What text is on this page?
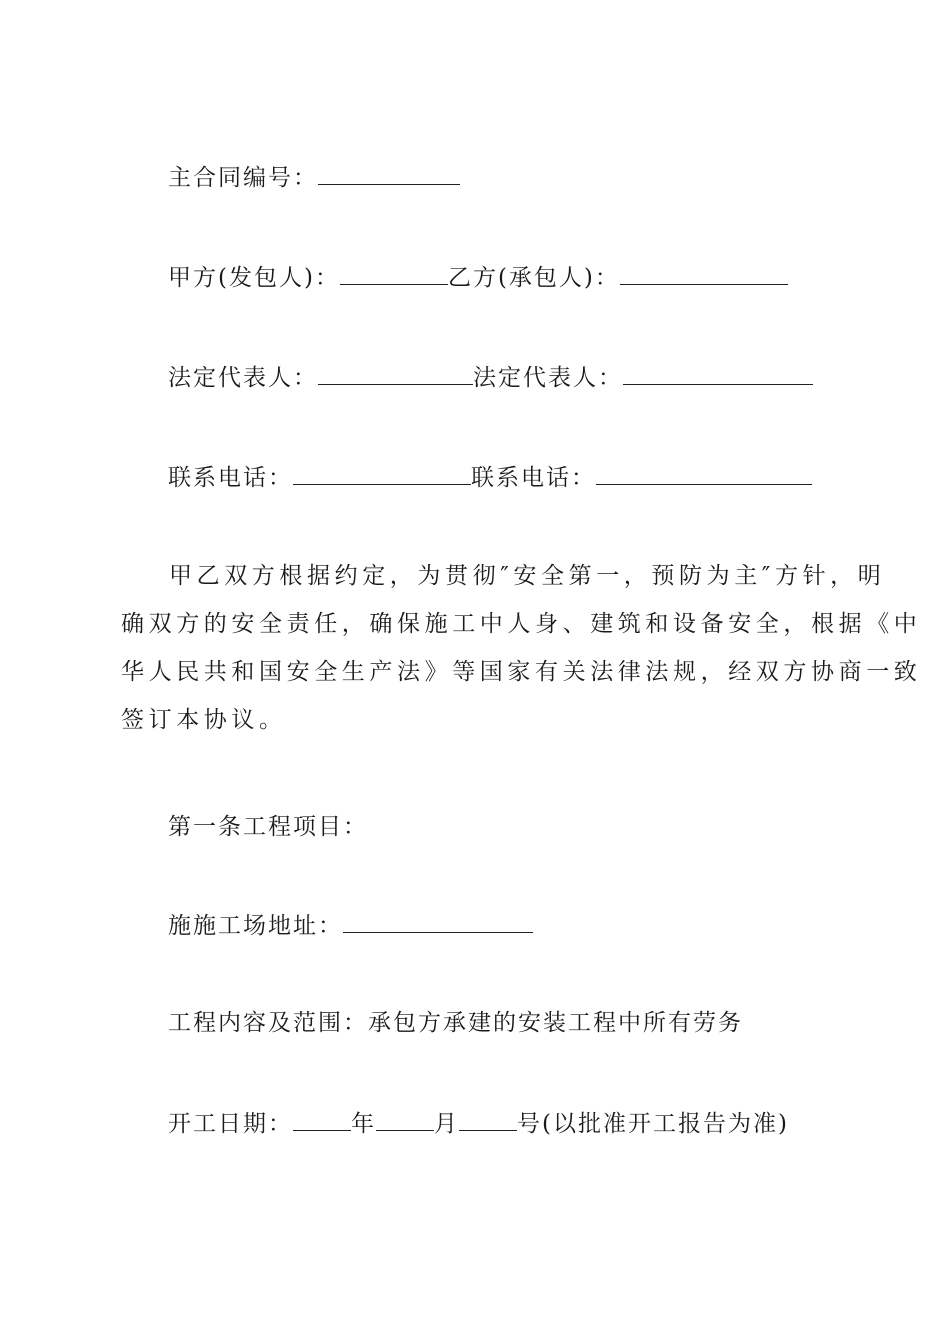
主合同编号：
甲方(发包人)：	乙方(承包人)：
法定代表人：	法定代表人：
联系电话：	联系电话：
甲乙双方根据约定，为贯彻″安全第一，预防为主″方针，明
确双方的安全责任，确保施工中人身、建筑和设备安全，根据《中
华人民共和国安全生产法》等国家有关法律法规，经双方协商一致
签订本协议。
第一条工程项目：
施施工场地址：
工程内容及范围：承包方承建的安装工程中所有劳务
开工日期：	年	月	号(以批准开工报告为准)
